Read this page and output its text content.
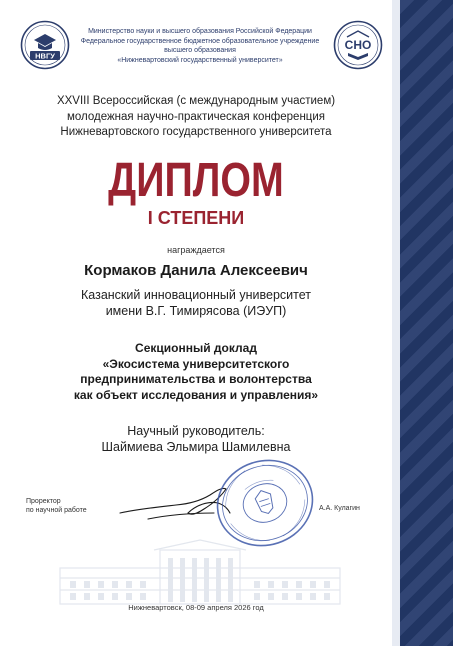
НВГУ
СНО
Министерство науки и высшего образования Российской Федерации
Федеральное государственное бюджетное образовательное учреждение
высшего образования
«Нижневартовский государственный университет»
XXVIII Всероссийская (с международным участием)
молодежная научно-практическая конференция
Нижневартовского государственного университета
ДИПЛОМ
I СТЕПЕНИ
награждается
Кормаков Данила Алексеевич
Казанский инновационный университет
имени В.Г. Тимирясова (ИЭУП)
Секционный доклад
«Экосистема университетского
предпринимательства и волонтерства
как объект исследования и управления»
Научный руководитель:
Шаймиева Эльмира Шамилевна
Проректор
по научной работе	А.А. Кулагин
Нижневартовск, 08-09 апреля 2026 год
